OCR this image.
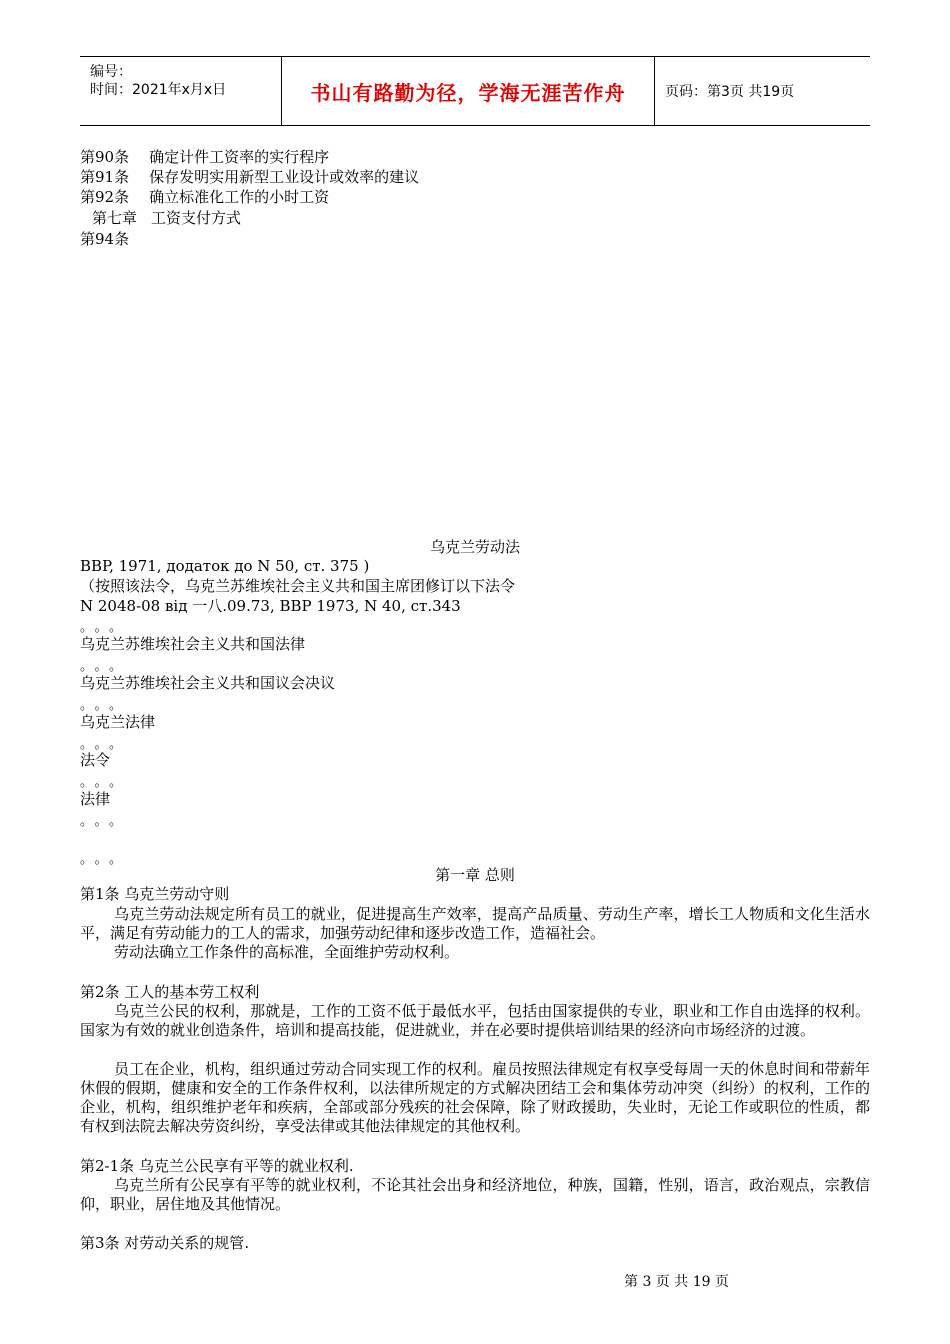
编号：
时间：2021年x月x日	书山有路勤为径，学海无涯苦作舟	页码：第3页 共19页
第90条 确定计件工资率的实行程序
第91条 保存发明实用新型工业设计或效率的建议
第92条 确立标准化工作的小时工资
第七章 工资支付方式
第94条
乌克兰劳动法
BBP, 1971, додаток до N 50, ст. 375 )
（按照该法令，乌克兰苏维埃社会主义共和国主席团修订以下法令
N 2048-08 від 一八.09.73, BBP 1973, N 40, ст.343
。。。
乌克兰苏维埃社会主义共和国法律
。。。
乌克兰苏维埃社会主义共和国议会决议
。。。
乌克兰法律
。。。
法令
。。。
法律
。。。
。。。
第一章 总则
第1条 乌克兰劳动守则
乌克兰劳动法规定所有员工的就业，促进提高生产效率，提高产品质量、劳动生产率，增长工人物质和文化生活水平，满足有劳动能力的工人的需求，加强劳动纪律和逐步改造工作，造福社会。
劳动法确立工作条件的高标准，全面维护劳动权利。
第2条 工人的基本劳工权利
乌克兰公民的权利，那就是，工作的工资不低于最低水平，包括由国家提供的专业，职业和工作自由选择的权利。国家为有效的就业创造条件，培训和提高技能，促进就业，并在必要时提供培训结果的经济向市场经济的过渡。
员工在企业，机构，组织通过劳动合同实现工作的权利。雇员按照法律规定有权享受每周一天的休息时间和带薪年休假的假期，健康和安全的工作条件权利，以法律所规定的方式解决团结工会和集体劳动冲突（纠纷）的权利，工作的企业，机构，组织维护老年和疾病，全部或部分残疾的社会保障，除了财政援助，失业时，无论工作或职位的性质，都有权到法院去解决劳资纠纷，享受法律或其他法律规定的其他权利。
第2-1条 乌克兰公民享有平等的就业权利.
乌克兰所有公民享有平等的就业权利，不论其社会出身和经济地位，种族，国籍，性别，语言，政治观点，宗教信仰，职业，居住地及其他情况。
第3条 对劳动关系的规管.
第 3 页 共 19 页
